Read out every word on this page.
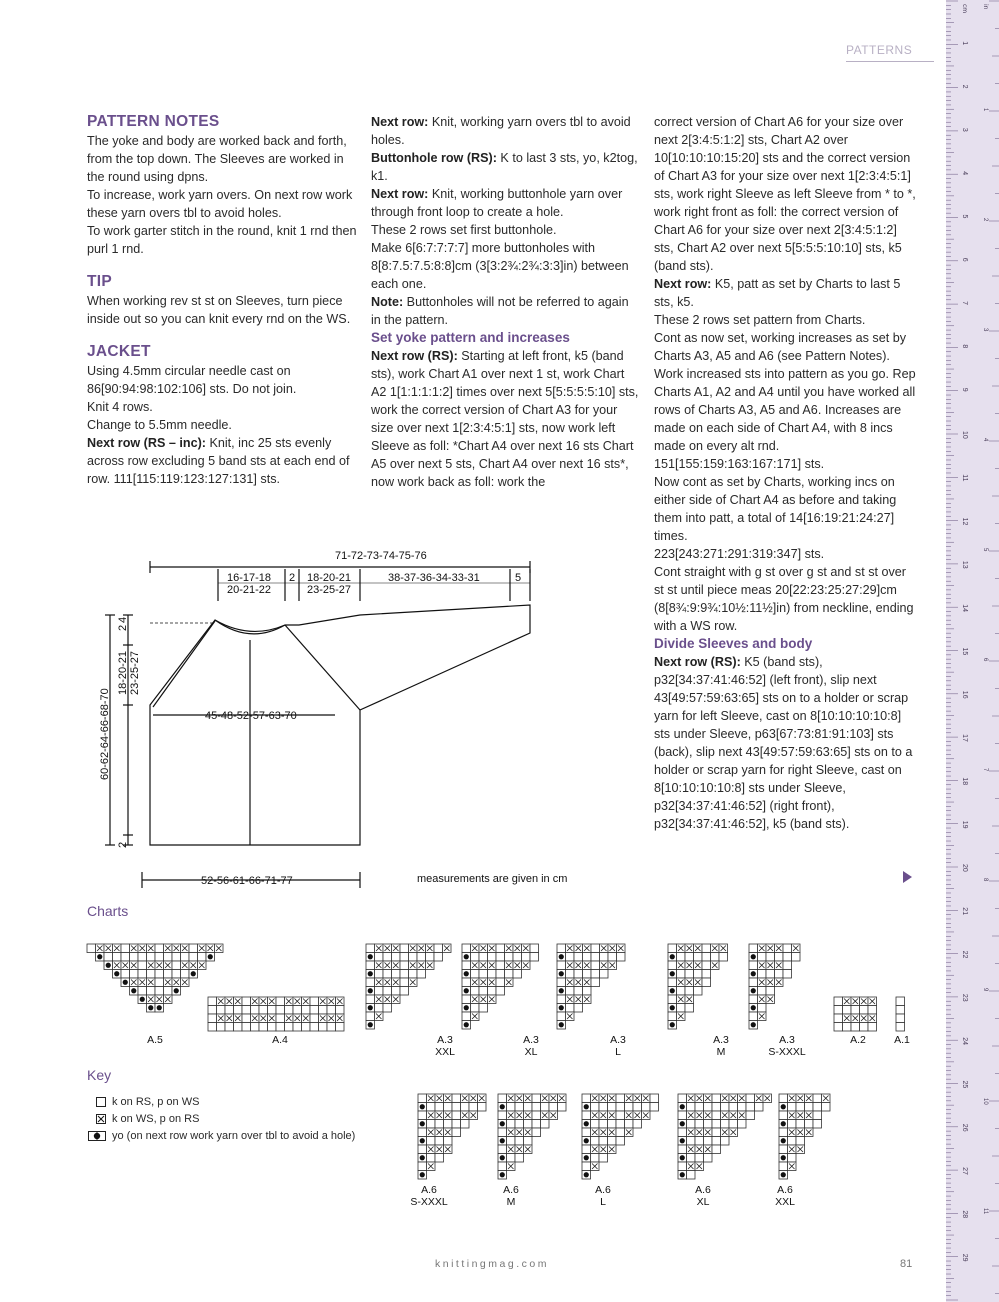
PATTERNS
PATTERN NOTES

The yoke and body are worked back and forth, from the top down. The Sleeves are worked in the round using dpns.

To increase, work yarn overs. On next row work these yarn overs tbl to avoid holes.

To work garter stitch in the round, knit 1 rnd then purl 1 rnd.

TIP

When working rev st st on Sleeves, turn piece inside out so you can knit every rnd on the WS.

JACKET

Using 4.5mm circular needle cast on 86[90:94:98:102:106] sts. Do not join.

Knit 4 rows.

Change to 5.5mm needle.

Next row (RS – inc): Knit, inc 25 sts evenly across row excluding 5 band sts at each end of row. 111[115:119:123:127:131] sts.

Next row: Knit, working yarn overs tbl to avoid holes.

Buttonhole row (RS): K to last 3 sts, yo, k2tog, k1.

Next row: Knit, working buttonhole yarn over through front loop to create a hole.

These 2 rows set first buttonhole.

Make 6[6:7:7:7:7] more buttonholes with 8[8:7.5:7.5:8:8]cm (3[3:2¾:2¾:3:3]in) between each one.

Note: Buttonholes will not be referred to again in the pattern.

Set yoke pattern and increases

Next row (RS): Starting at left front, k5 (band sts), work Chart A1 over next 1 st, work Chart A2 1[1:1:1:1:2] times over next 5[5:5:5:5:10] sts, work the correct version of Chart A3 for your size over next 1[2:3:4:5:1] sts, now work left Sleeve as foll: *Chart A4 over next 16 sts Chart A5 over next 5 sts, Chart A4 over next 16 sts*, now work back as foll: work the

correct version of Chart A6 for your size over next 2[3:4:5:1:2] sts, Chart A2 over 10[10:10:10:15:20] sts and the correct version of Chart A3 for your size over next 1[2:3:4:5:1] sts, work right Sleeve as left Sleeve from * to *, work right front as foll: the correct version of Chart A6 for your size over next 2[3:4:5:1:2] sts, Chart A2 over next 5[5:5:5:10:10] sts, k5 (band sts).

Next row: K5, patt as set by Charts to last 5 sts, k5.

These 2 rows set pattern from Charts.

Cont as now set, working increases as set by Charts A3, A5 and A6 (see Pattern Notes). Work increased sts into pattern as you go. Rep Charts A1, A2 and A4 until you have worked all rows of Charts A3, A5 and A6. Increases are made on each side of Chart A4, with 8 incs made on every alt rnd.

151[155:159:163:167:171] sts.

Now cont as set by Charts, working incs on either side of Chart A4 as before and taking them into patt, a total of 14[16:19:21:24:27] times.

223[243:271:291:319:347] sts.

Cont straight with g st over g st and st st over st st until piece meas 20[22:23:25:27:29]cm (8[8¾:9:9¾:10½:11½]in) from neckline, ending with a WS row.

Divide Sleeves and body

Next row (RS): K5 (band sts), p32[34:37:41:46:52] (left front), slip next 43[49:57:59:63:65] sts on to a holder or scrap yarn for left Sleeve, cast on 8[10:10:10:10:8] sts under Sleeve, p63[67:73:81:91:103] sts (back), slip next 43[49:57:59:63:65] sts on to a holder or scrap yarn for right Sleeve, cast on 8[10:10:10:10:8] sts under Sleeve, p32[34:37:41:46:52] (right front), p32[34:37:41:46:52], k5 (band sts).

71-72-73-74-75-76
16-17-18
20-21-22
2 18-20-21
23-25-27
38-37-36-34-33-31	5
45-48-52-57-63-70
52-56-61-66-71-77	measurements are given in cm
60-62-64-66-68-70
18-20-21 23-25-27
2
4
2
Charts
A.5	A.4	A.3
XXL
A.3
XL
A.3
L
A.3
M
A.3
S-XXXL
A.2	A.1
A.6
S-XXXL
A.6
M
A.6
L
A.6
XL
A.6
XXL
Key
k on RS, p on WS
k on WS, p on RS
yo (on next row work yarn over tbl to avoid a hole)
knittingmag.com	81
1
2
3
4
5
6
7
8
9
10
11
12
13
14
15
16
17
18
19
20
21
22
23
24
25
26
27
28
29
1
2
3
4
5
6
7
8
9
10
11
cm in
